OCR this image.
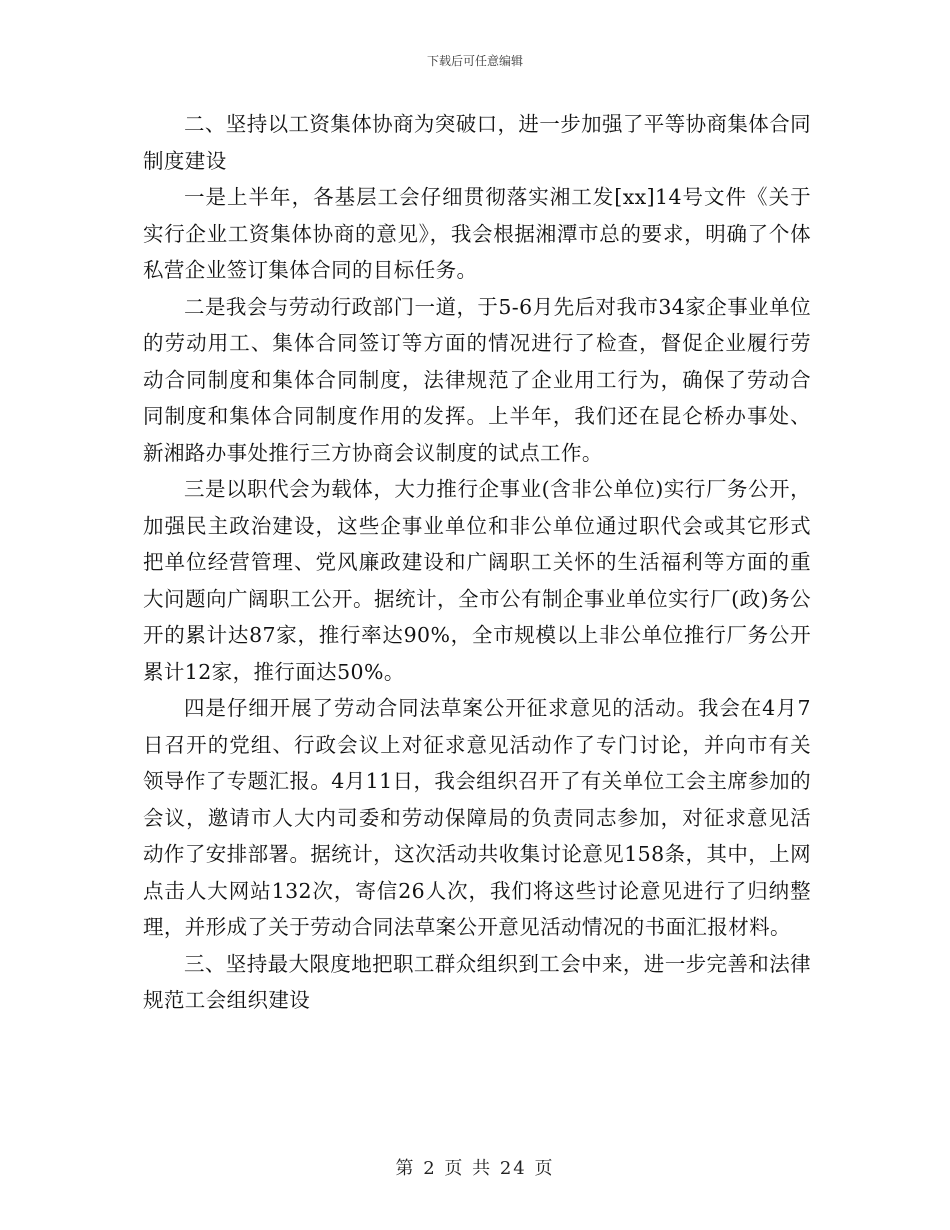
下载后可任意编辑

二、坚持以工资集体协商为突破口，进一步加强了平等协商集体合同制度建设

一是上半年，各基层工会仔细贯彻落实湘工发[xx]14号文件《关于实行企业工资集体协商的意见》，我会根据湘潭市总的要求，明确了个体私营企业签订集体合同的目标任务。

二是我会与劳动行政部门一道，于5-6月先后对我市34家企事业单位的劳动用工、集体合同签订等方面的情况进行了检查，督促企业履行劳动合同制度和集体合同制度，法律规范了企业用工行为，确保了劳动合同制度和集体合同制度作用的发挥。上半年，我们还在昆仑桥办事处、新湘路办事处推行三方协商会议制度的试点工作。

三是以职代会为载体，大力推行企事业(含非公单位)实行厂务公开，加强民主政治建设，这些企事业单位和非公单位通过职代会或其它形式把单位经营管理、党风廉政建设和广阔职工关怀的生活福利等方面的重大问题向广阔职工公开。据统计，全市公有制企事业单位实行厂(政)务公开的累计达87家，推行率达90%，全市规模以上非公单位推行厂务公开累计12家，推行面达50%。

四是仔细开展了劳动合同法草案公开征求意见的活动。我会在4月7日召开的党组、行政会议上对征求意见活动作了专门讨论，并向市有关领导作了专题汇报。4月11日，我会组织召开了有关单位工会主席参加的会议，邀请市人大内司委和劳动保障局的负责同志参加，对征求意见活动作了安排部署。据统计，这次活动共收集讨论意见158条，其中，上网点击人大网站132次，寄信26人次，我们将这些讨论意见进行了归纳整理，并形成了关于劳动合同法草案公开意见活动情况的书面汇报材料。

三、坚持最大限度地把职工群众组织到工会中来，进一步完善和法律规范工会组织建设

第 2 页 共 24 页
